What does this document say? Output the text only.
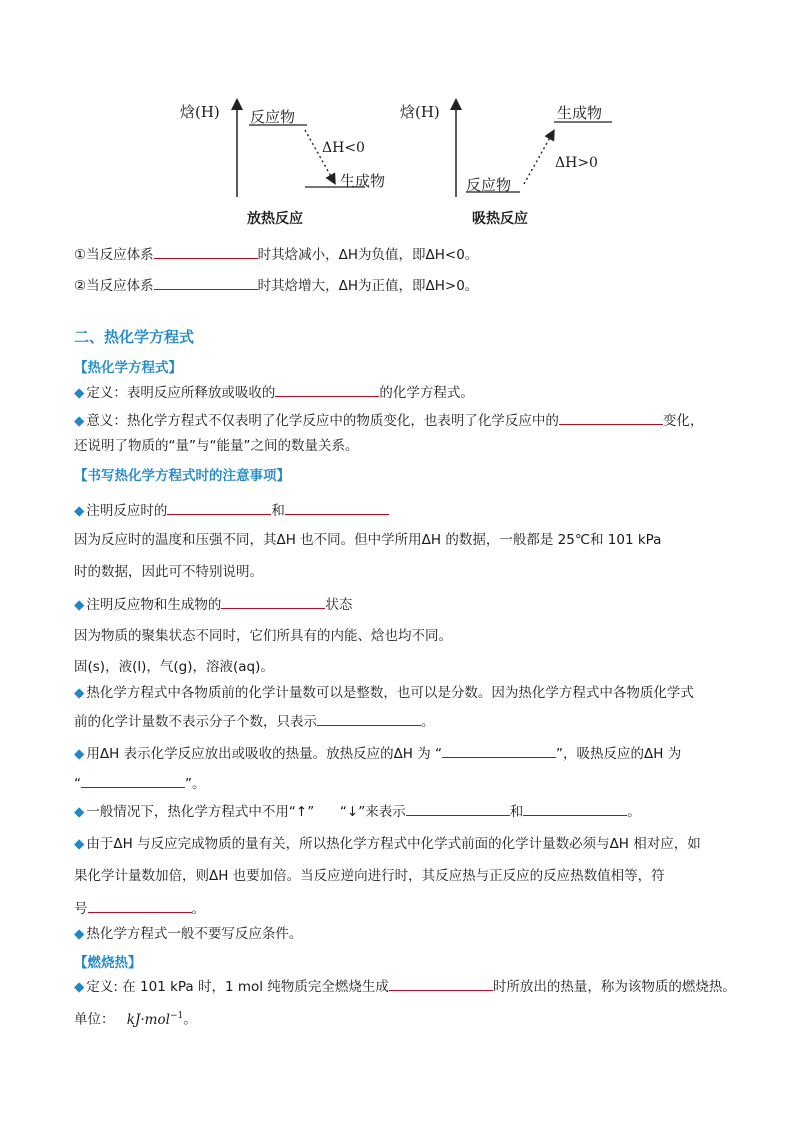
焓(H) 反应物
ΔH<0
生成物
放热反应
焓(H)	生成物
ΔH>0
反应物
吸热反应
①当反应体系	时其焓减小，ΔH为负值，即ΔH<0。
②当反应体系	时其焓增大，ΔH为正值，即ΔH>0。
二、热化学方程式
【热化学方程式】
◆ 定义：表明反应所释放或吸收的	的化学方程式。
◆ 意义：热化学方程式不仅表明了化学反应中的物质变化，也表明了化学反应中的	变化，
还说明了物质的“量”与“能量”之间的数量关系。
【书写热化学方程式时的注意事项】
◆ 注明反应时的	和
因为反应时的温度和压强不同，其ΔH 也不同。但中学所用ΔH 的数据，一般都是 25℃和 101 kPa
时的数据，因此可不特别说明。
◆ 注明反应物和生成物的	状态
因为物质的聚集状态不同时，它们所具有的内能、焓也均不同。
固(s)，液(l)，气(g)，溶液(aq)。
◆ 热化学方程式中各物质前的化学计量数可以是整数，也可以是分数。因为热化学方程式中各物质化学式
前的化学计量数不表示分子个数，只表示	。
◆ 用ΔH 表示化学反应放出或吸收的热量。放热反应的ΔH 为 “	”，吸热反应的ΔH 为
“	”。
◆ 一般情况下，热化学方程式中不用“↑”      “↓”来表示	和	。
◆ 由于ΔH 与反应完成物质的量有关，所以热化学方程式中化学式前面的化学计量数必须与ΔH 相对应，如
果化学计量数加倍，则ΔH 也要加倍。当反应逆向进行时，其反应热与正反应的反应热数值相等，符
号	。
◆ 热化学方程式一般不要写反应条件。
【燃烧热】
◆ 定义: 在 101 kPa 时，1 mol 纯物质完全燃烧生成	时所放出的热量，称为该物质的燃烧热。
单位： kJ·mol$^{-1}$。
